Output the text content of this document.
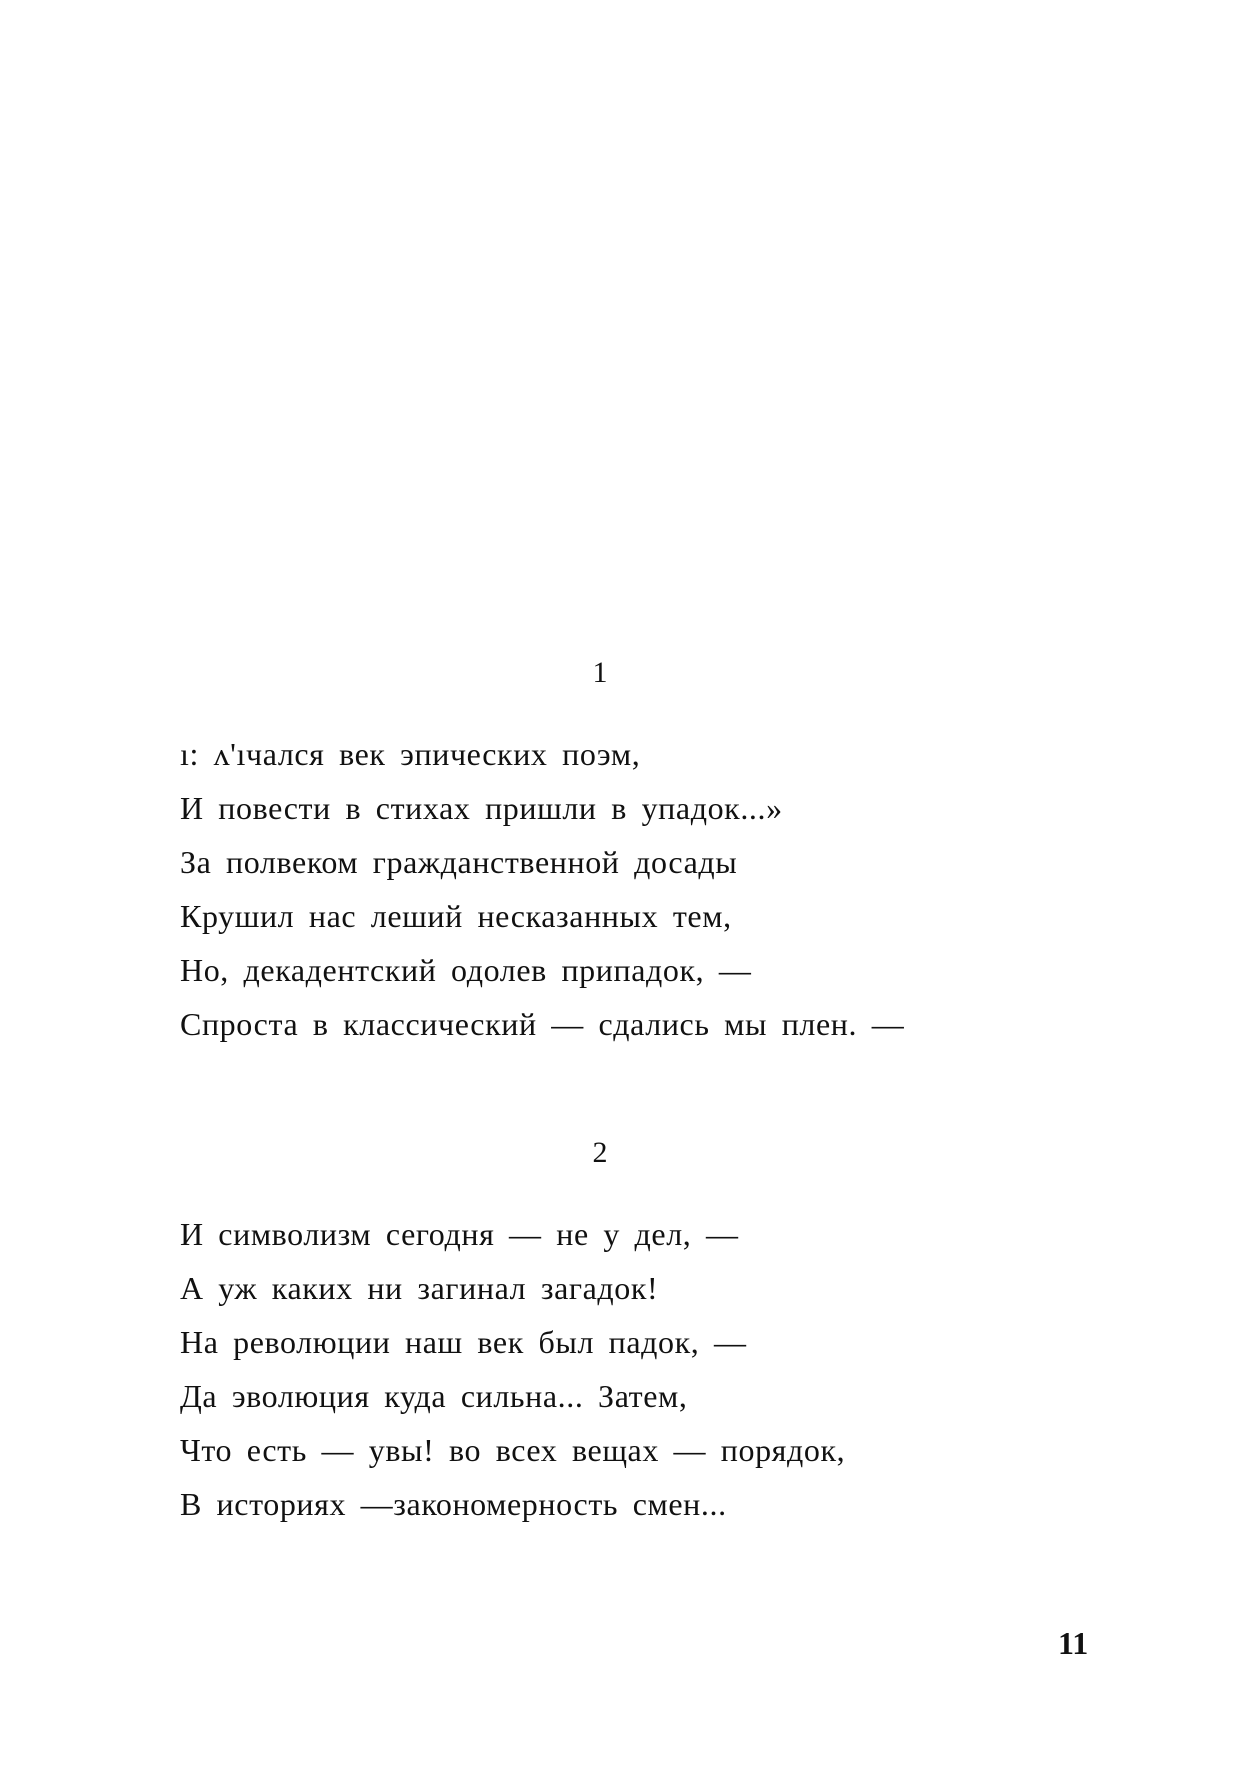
1
ı: ʌ'ıчался век эпических поэм,
И повести в стихах пришли в упадок...»
За полвеком гражданственной досады
Крушил нас леший несказанных тем,
Но, декадентский одолев припадок, —
Спроста в классический — сдались мы плен. —
2
И символизм сегодня — не у дел, —
А уж каких ни загинал загадок!
На революции наш век был падок, —
Да эволюция куда сильна... Затем,
Что есть — увы! во всех вещах — порядок,
В историях —закономерность смен...
11
